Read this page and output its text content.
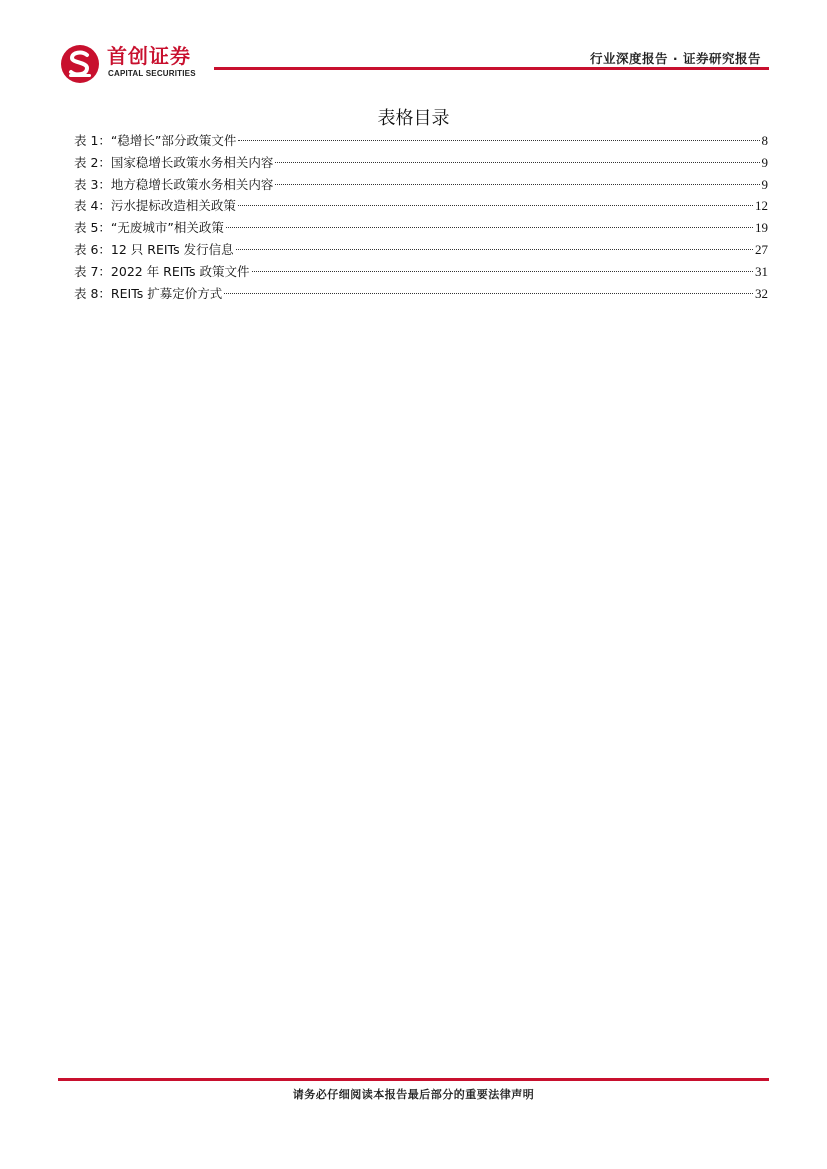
首创证券
CAPITAL SECURITIES
行业深度报告 · 证券研究报告
表格目录
表 1：“稳增长”部分政策文件	8
表 2：国家稳增长政策水务相关内容	9
表 3：地方稳增长政策水务相关内容	9
表 4：污水提标改造相关政策	12
表 5：“无废城市”相关政策	19
表 6：12 只 REITs 发行信息	27
表 7：2022 年 REITs 政策文件	31
表 8：REITs 扩募定价方式	32
请务必仔细阅读本报告最后部分的重要法律声明
